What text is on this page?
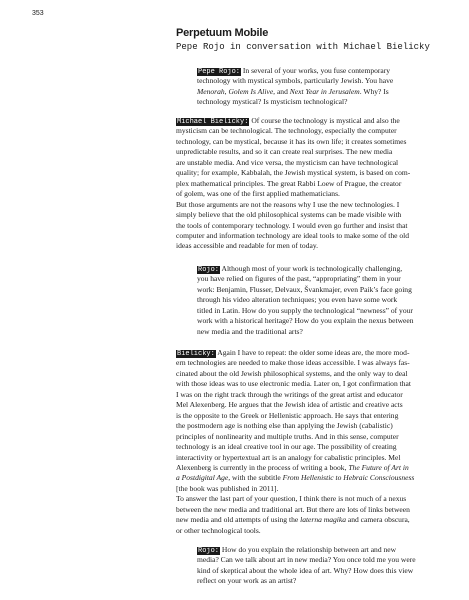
353
Perpetuum Mobile
Pepe Rojo in conversation with Michael Bielicky

Pepe Rojo: In several of your works, you fuse contemporary
technology with mystical symbols, particularly Jewish. You have
Menorah, Golem Is Alive, and Next Year in Jerusalem. Why? Is
technology mystical? Is mysticism technological?

Michael Bielicky: Of course the technology is mystical and also the
mysticism can be technological. The technology, especially the computer
technology, can be mystical, because it has its own life; it creates sometimes
unpredictable results, and so it can create real surprises. The new media
are unstable media. And vice versa, the mysticism can have technological
quality; for example, Kabbalah, the Jewish mystical system, is based on com-
plex mathematical principles. The great Rabbi Loew of Prague, the creator
of golem, was one of the first applied mathematicians.
But those arguments are not the reasons why I use the new technologies. I
simply believe that the old philosophical systems can be made visible with
the tools of contemporary technology. I would even go further and insist that
computer and information technology are ideal tools to make some of the old
ideas accessible and readable for men of today.

Rojo: Although most of your work is technologically challenging,
you have relied on figures of the past, “appropriating” them in your
work: Benjamin, Flusser, Delvaux, Švankmajer, even Paik’s face going
through his video alteration techniques; you even have some work
titled in Latin. How do you supply the technological “newness” of your
work with a historical heritage? How do you explain the nexus between
new media and the traditional arts?

Bielicky: Again I have to repeat: the older some ideas are, the more mod-
ern technologies are needed to make those ideas accessible. I was always fas-
cinated about the old Jewish philosophical systems, and the only way to deal
with those ideas was to use electronic media. Later on, I got confirmation that
I was on the right track through the writings of the great artist and educator
Mel Alexenberg. He argues that the Jewish idea of artistic and creative acts
is the opposite to the Greek or Hellenistic approach. He says that entering
the postmodern age is nothing else than applying the Jewish (cabalistic)
principles of nonlinearity and multiple truths. And in this sense, computer
technology is an ideal creative tool in our age. The possibility of creating
interactivity or hypertextual art is an analogy for cabalistic principles. Mel
Alexenberg is currently in the process of writing a book, The Future of Art in
a Postdigital Age, with the subtitle From Hellenistic to Hebraic Consciousness
[the book was published in 2011].
To answer the last part of your question, I think there is not much of a nexus
between the new media and traditional art. But there are lots of links between
new media and old attempts of using the laterna magika and camera obscura,
or other technological tools.

Rojo: How do you explain the relationship between art and new
media? Can we talk about art in new media? You once told me you were
kind of skeptical about the whole idea of art. Why? How does this view
reflect on your work as an artist?
